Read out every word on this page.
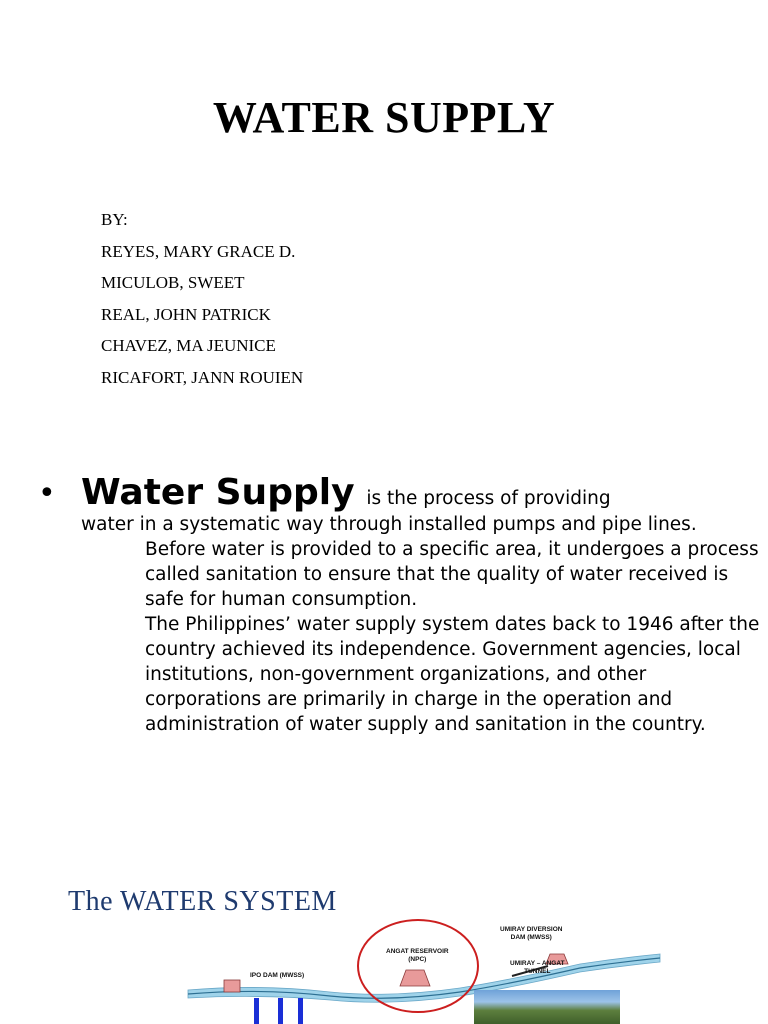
WATER SUPPLY
BY:
REYES, MARY GRACE D.
MICULOB, SWEET
REAL, JOHN PATRICK
CHAVEZ, MA JEUNICE
RICAFORT, JANN ROUIEN
• Water Supply is the process of providing
water in a systematic way through installed pumps and pipe lines.
Before water is provided to a specific area, it undergoes a process called sanitation to ensure that the quality of water received is safe for human consumption.
The Philippines’ water supply system dates back to 1946 after the country achieved its independence. Government agencies, local institutions, non-government organizations, and other corporations are primarily in charge in the operation and administration of water supply and sanitation in the country.
The WATER SYSTEM
UMIRAY DIVERSION
DAM (MWSS)
ANGAT RESERVOIR
(NPC)
UMIRAY – ANGAT
TUNNEL
IPO DAM (MWSS)
